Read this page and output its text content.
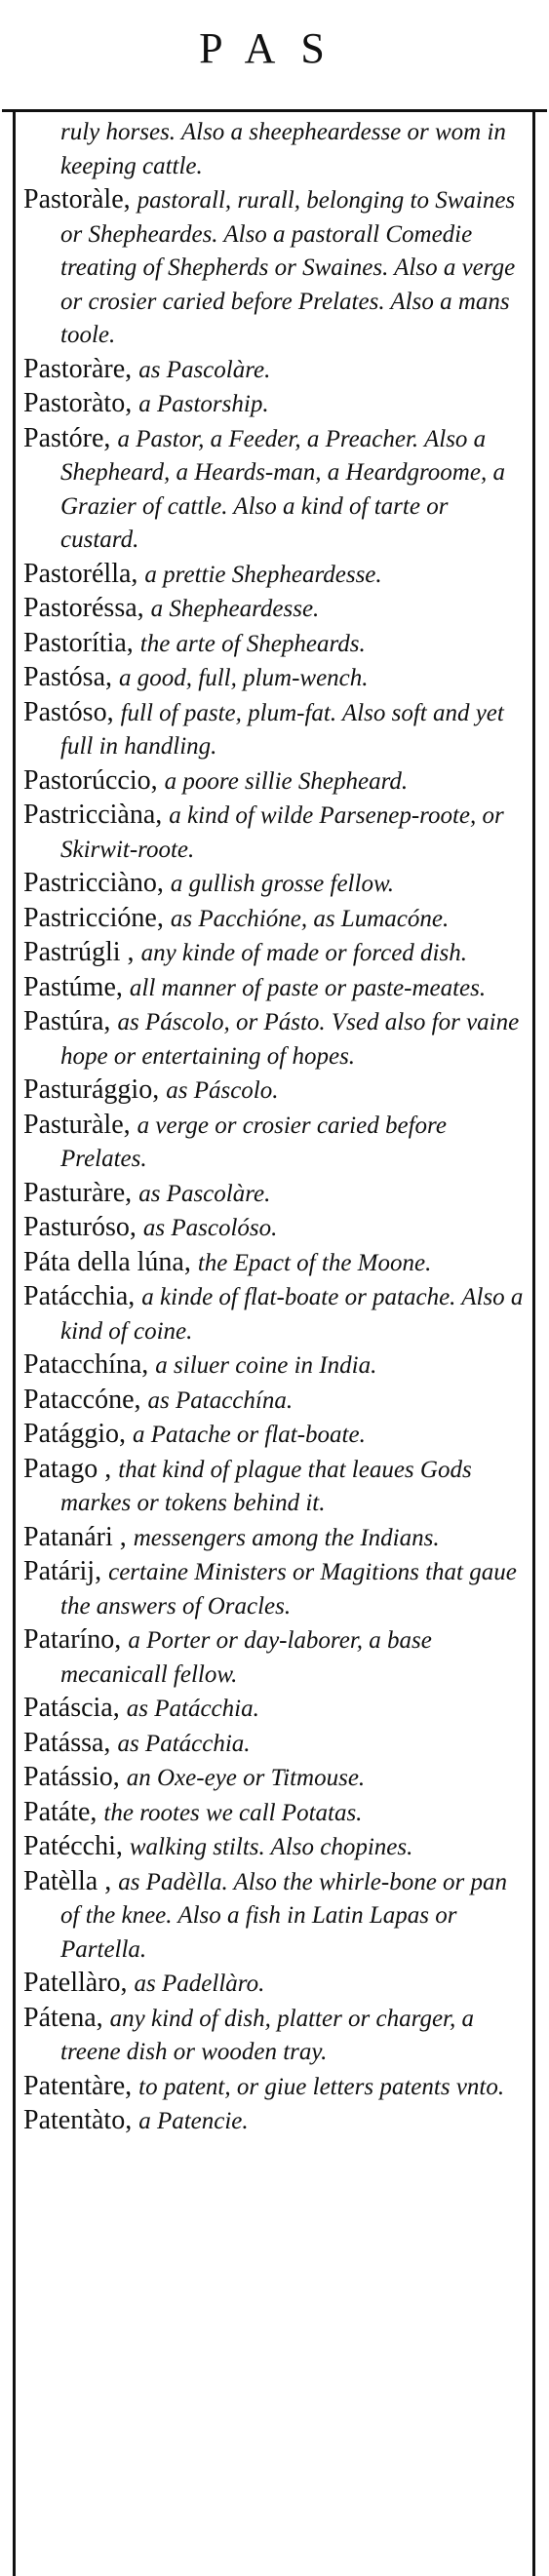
PAS
ruly horses. Also a sheepheardesse or wom in keeping cattle.
Pastoràle, pastorall, rurall, belonging to Swaines or Shepheardes. Also a pastorall Comedie treating of Shepherds or Swaines. Also a verge or crosier caried before Prelates. Also a mans toole.
Pastoràre, as Pascolàre.
Pastoràto, a Pastorship.
Pastóre, a Pastor, a Feeder, a Preacher. Also a Shepheard, a Heards-man, a Heardgroome, a Grazier of cattle. Also a kind of tarte or custard.
Pastorélla, a prettie Shepheardesse.
Pastoréssa, a Shepheardesse.
Pastorítia, the arte of Shepheards.
Pastósa, a good, full, plum-wench.
Pastóso, full of paste, plum-fat. Also soft and yet full in handling.
Pastorúccio, a poore sillie Shepheard.
Pastricciàna, a kind of wilde Parsenep-roote, or Skirwit-roote.
Pastricciàno, a gullish grosse fellow.
Pastriccióne, as Pacchióne, as Lumacóne.
Pastrúgli , any kinde of made or forced dish.
Pastúme, all manner of paste or paste-meates.
Pastúra, as Páscolo, or Pásto. Vsed also for vaine hope or entertaining of hopes.
Pasturággio, as Páscolo.
Pasturàle, a verge or crosier caried before Prelates.
Pasturàre, as Pascolàre.
Pasturóso, as Pascolóso.
Páta della lúna, the Epact of the Moone.
Patácchia, a kinde of flat-boate or patache. Also a kind of coine.
Patacchína, a siluer coine in India.
Pataccóne, as Patacchína.
Patággio, a Patache or flat-boate.
Patago , that kind of plague that leaues Gods markes or tokens behind it.
Patanári , messengers among the Indians.
Patárij, certaine Ministers or Magitions that gaue the answers of Oracles.
Pataríno, a Porter or day-laborer, a base mecanicall fellow.
Patáscia, as Patácchia.
Patássa, as Patácchia.
Patássio, an Oxe-eye or Titmouse.
Patáte, the rootes we call Potatas.
Patécchi, walking stilts. Also chopines.
Patèlla , as Padèlla. Also the whirle-bone or pan of the knee. Also a fish in Latin Lapas or Partella.
Patellàro, as Padellàro.
Pátena, any kind of dish, platter or charger, a treene dish or wooden tray.
Patentàre, to patent, or giue letters patents vnto.
Patentàto, a Patencie.
